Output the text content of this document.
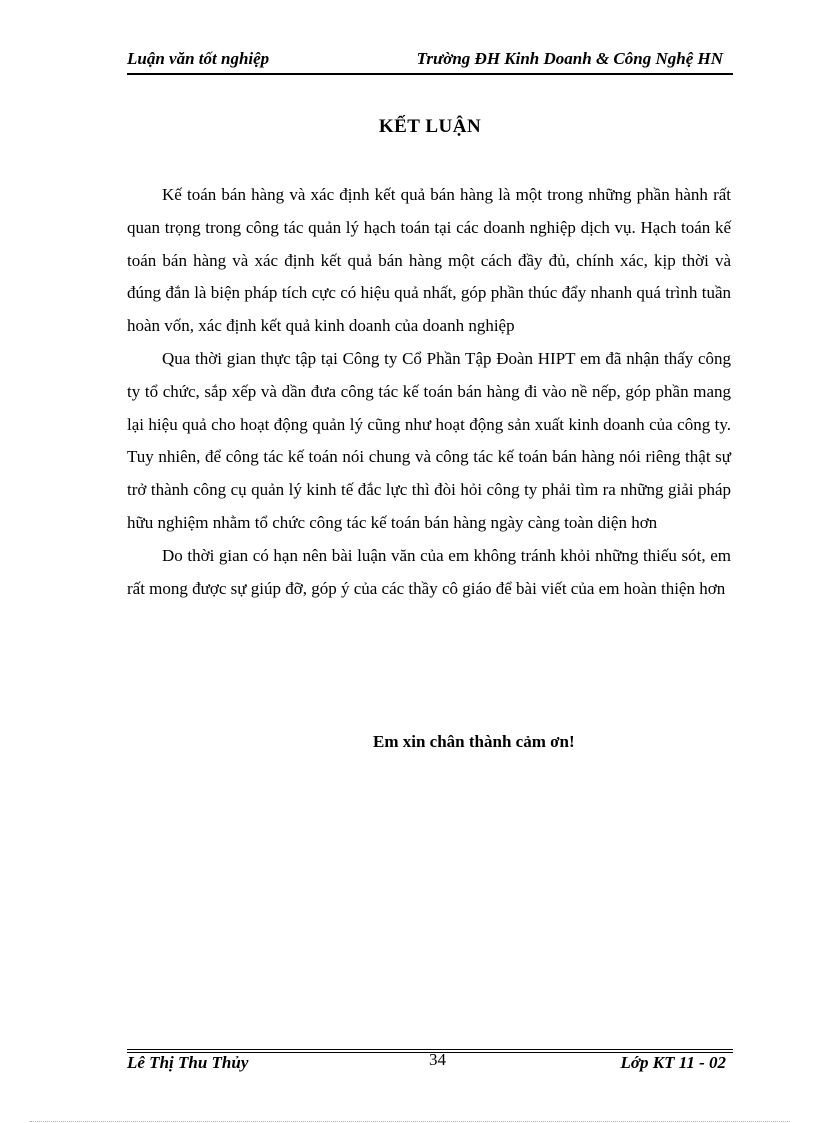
Luận văn tốt nghiệp	Trường ĐH Kinh Doanh & Công Nghệ HN
KẾT LUẬN

Kế toán bán hàng và xác định kết quả bán hàng là một trong những phần hành rất quan trọng trong công tác quản lý hạch toán tại các doanh nghiệp dịch vụ. Hạch toán kế toán bán hàng và xác định kết quả bán hàng một cách đầy đủ, chính xác, kịp thời và đúng đắn là biện pháp tích cực có hiệu quả nhất, góp phần thúc đẩy nhanh quá trình tuần hoàn vốn, xác định kết quả kinh doanh của doanh nghiệp

Qua thời gian thực tập tại Công ty Cổ Phần Tập Đoàn HIPT em đã nhận thấy công ty tổ chức, sắp xếp và dần đưa công tác kế toán bán hàng đi vào nề nếp, góp phần mang lại hiệu quả cho hoạt động quản lý cũng như hoạt động sản xuất kinh doanh của công ty. Tuy nhiên, để công tác kế toán nói chung và công tác kế toán bán hàng nói riêng thật sự trở thành công cụ quản lý kinh tế đắc lực thì đòi hỏi công ty phải tìm ra những giải pháp hữu nghiệm nhằm tổ chức công tác kế toán bán hàng ngày càng toàn diện hơn

Do thời gian có hạn nên bài luận văn của em không tránh khỏi những thiếu sót, em rất mong được sự giúp đỡ, góp ý của các thầy cô giáo để bài viết của em hoàn thiện hơn

Em xin chân thành cảm ơn!
Lê Thị Thu Thủy	34	Lớp KT 11 - 02
